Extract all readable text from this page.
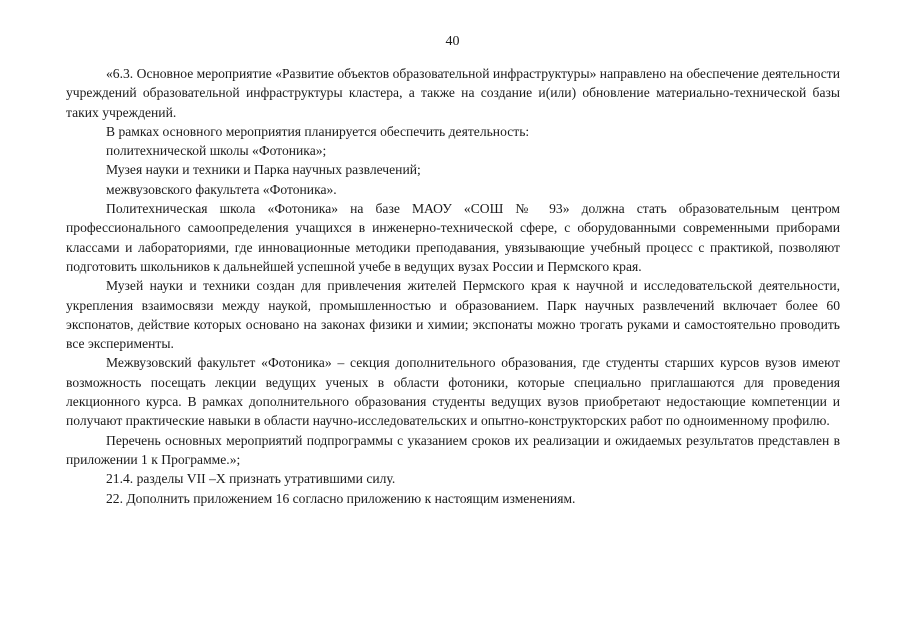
40

«6.3. Основное мероприятие «Развитие объектов образовательной инфраструктуры» направлено на обеспечение деятельности учреждений образовательной инфраструктуры кластера, а также на создание и(или) обновление материально-технической базы таких учреждений.

В рамках основного мероприятия планируется обеспечить деятельность:

политехнической школы «Фотоника»;

Музея науки и техники и Парка научных развлечений;

межвузовского факультета «Фотоника».

Политехническая школа «Фотоника» на базе МАОУ «СОШ № 93» должна стать образовательным центром профессионального самоопределения учащихся в инженерно-технической сфере, с оборудованными современными приборами классами и лабораториями, где инновационные методики преподавания, увязывающие учебный процесс с практикой, позволяют подготовить школьников к дальнейшей успешной учебе в ведущих вузах России и Пермского края.

Музей науки и техники создан для привлечения жителей Пермского края к научной и исследовательской деятельности, укрепления взаимосвязи между наукой, промышленностью и образованием. Парк научных развлечений включает более 60 экспонатов, действие которых основано на законах физики и химии; экспонаты можно трогать руками и самостоятельно проводить все эксперименты.

Межвузовский факультет «Фотоника» – секция дополнительного образования, где студенты старших курсов вузов имеют возможность посещать лекции ведущих ученых в области фотоники, которые специально приглашаются для проведения лекционного курса. В рамках дополнительного образования студенты ведущих вузов приобретают недостающие компетенции и получают практические навыки в области научно-исследовательских и опытно-конструкторских работ по одноименному профилю.

Перечень основных мероприятий подпрограммы с указанием сроков их реализации и ожидаемых результатов представлен в приложении 1 к Программе.»;

21.4. разделы VII –X признать утратившими силу.

22. Дополнить приложением 16 согласно приложению к настоящим изменениям.
